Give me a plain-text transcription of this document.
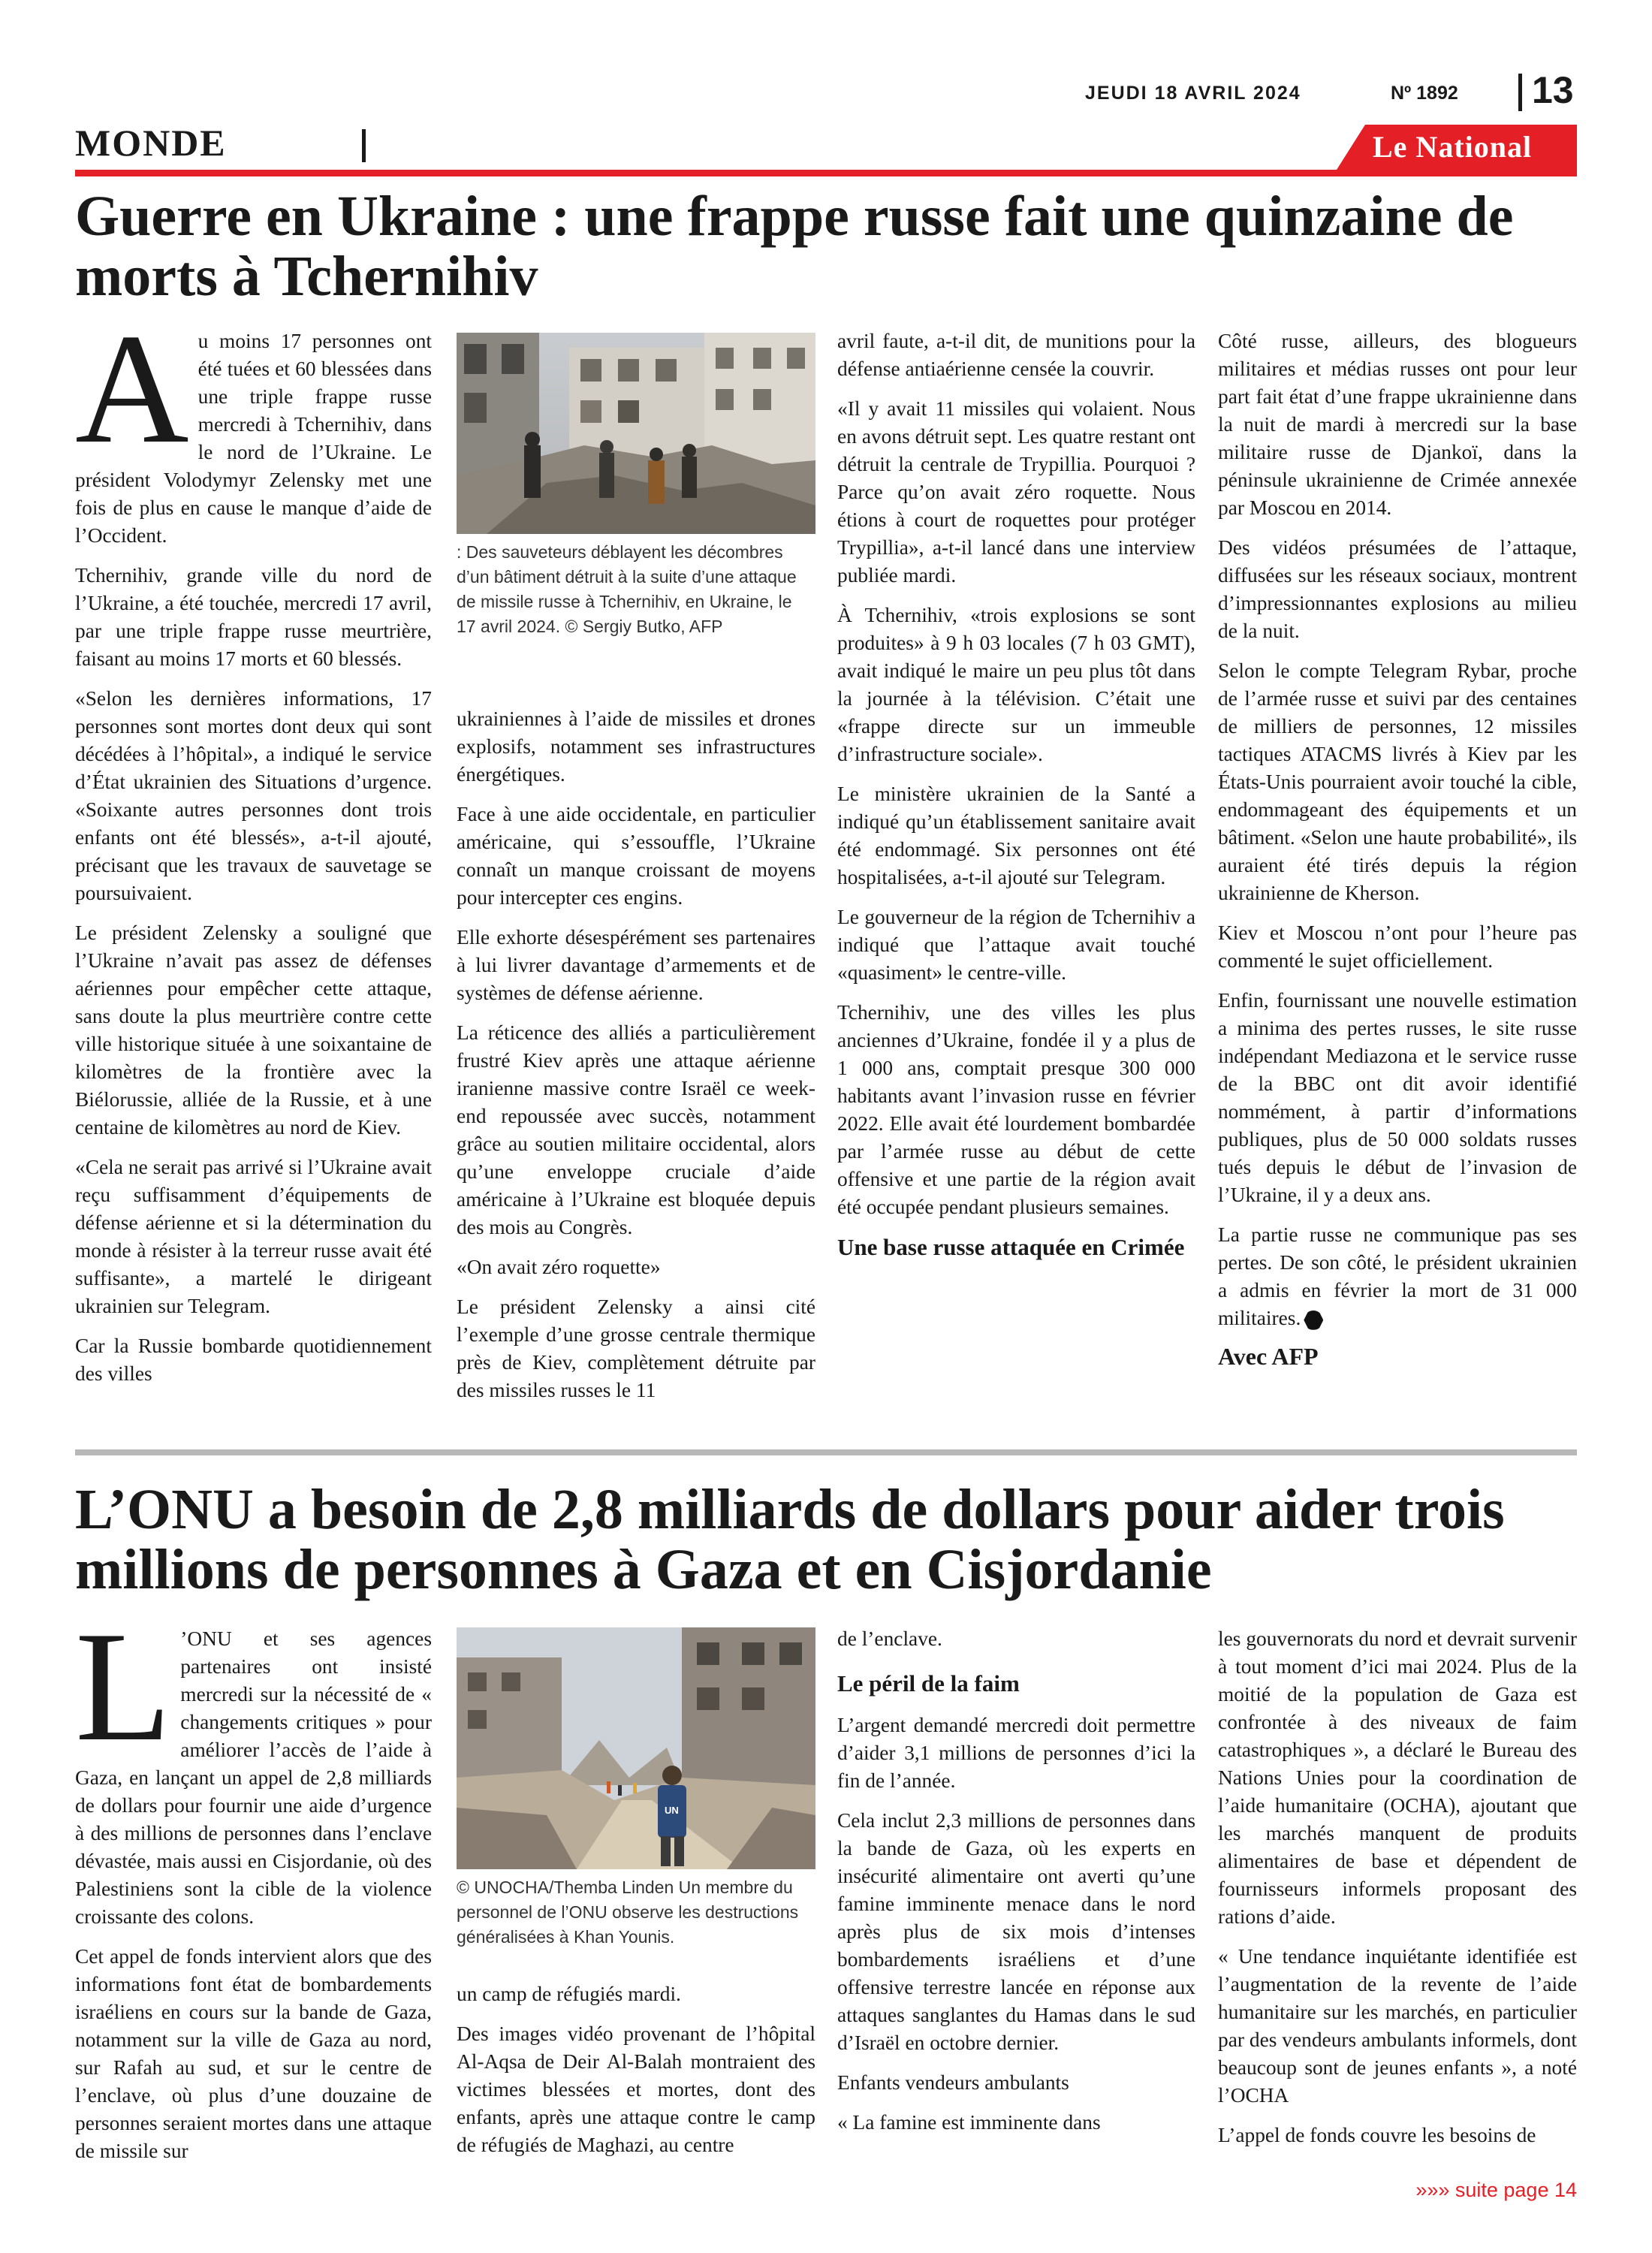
JEUDI 18 AVRIL 2024	Nº 1892 13
MONDE	Le National
Guerre en Ukraine : une frappe russe fait une quinzaine de morts à Tchernihiv
A u moins 17 personnes ont été tuées et 60 blessées dans une triple frappe russe mercredi à Tchernihiv, dans le nord de l’Ukraine. Le président Volodymyr Zelensky met une fois de plus en cause le manque d’aide de l’Occident.

Tchernihiv, grande ville du nord de l’Ukraine, a été touchée, mercredi 17 avril, par une triple frappe russe meurtrière, faisant au moins 17 morts et 60 blessés.

«Selon les dernières informations, 17 personnes sont mortes dont deux qui sont décédées à l’hôpital», a indiqué le service d’État ukrainien des Situations d’urgence. «Soixante autres personnes dont trois enfants ont été blessés», a-t-il ajouté, précisant que les travaux de sauvetage se poursuivaient.

Le président Zelensky a souligné que l’Ukraine n’avait pas assez de défenses aériennes pour empêcher cette attaque, sans doute la plus meurtrière contre cette ville historique située à une soixantaine de kilomètres de la frontière avec la Biélorussie, alliée de la Russie, et à une centaine de kilomètres au nord de Kiev.

«Cela ne serait pas arrivé si l’Ukraine avait reçu suffisamment d’équipements de défense aérienne et si la détermination du monde à résister à la terreur russe avait été suffisante», a martelé le dirigeant ukrainien sur Telegram.

Car la Russie bombarde quotidiennement des villes

: Des sauveteurs déblayent les décombres d’un bâtiment détruit à la suite d’une attaque de missile russe à Tchernihiv, en Ukraine, le 17 avril 2024. © Sergiy Butko, AFP

ukrainiennes à l’aide de missiles et drones explosifs, notamment ses infrastructures énergétiques.

Face à une aide occidentale, en particulier américaine, qui s’essouffle, l’Ukraine connaît un manque croissant de moyens pour intercepter ces engins.

Elle exhorte désespérément ses partenaires à lui livrer davantage d’armements et de systèmes de défense aérienne.

La réticence des alliés a particulièrement frustré Kiev après une attaque aérienne iranienne massive contre Israël ce week-end repoussée avec succès, notamment grâce au soutien militaire occidental, alors qu’une enveloppe cruciale d’aide américaine à l’Ukraine est bloquée depuis des mois au Congrès.

«On avait zéro roquette»

Le président Zelensky a ainsi cité l’exemple d’une grosse centrale thermique près de Kiev, complètement détruite par des missiles russes le 11

avril faute, a-t-il dit, de munitions pour la défense antiaérienne censée la couvrir.

«Il y avait 11 missiles qui volaient. Nous en avons détruit sept. Les quatre restant ont détruit la centrale de Trypillia. Pourquoi ? Parce qu’on avait zéro roquette. Nous étions à court de roquettes pour protéger Trypillia», a-t-il lancé dans une interview publiée mardi.

À Tchernihiv, «trois explosions se sont produites» à 9 h 03 locales (7 h 03 GMT), avait indiqué le maire un peu plus tôt dans la journée à la télévision. C’était une «frappe directe sur un immeuble d’infrastructure sociale».

Le ministère ukrainien de la Santé a indiqué qu’un établissement sanitaire avait été endommagé. Six personnes ont été hospitalisées, a-t-il ajouté sur Telegram.

Le gouverneur de la région de Tchernihiv a indiqué que l’attaque avait touché «quasiment» le centre-ville.

Tchernihiv, une des villes les plus anciennes d’Ukraine, fondée il y a plus de 1 000 ans, comptait presque 300 000 habitants avant l’invasion russe en février 2022. Elle avait été lourdement bombardée par l’armée russe au début de cette offensive et une partie de la région avait été occupée pendant plusieurs semaines.

Une base russe attaquée en Crimée

Côté russe, ailleurs, des blogueurs militaires et médias russes ont pour leur part fait état d’une frappe ukrainienne dans la nuit de mardi à mercredi sur la base militaire russe de Djankoï, dans la péninsule ukrainienne de Crimée annexée par Moscou en 2014.

Des vidéos présumées de l’attaque, diffusées sur les réseaux sociaux, montrent d’impressionnantes explosions au milieu de la nuit.

Selon le compte Telegram Rybar, proche de l’armée russe et suivi par des centaines de milliers de personnes, 12 missiles tactiques ATACMS livrés à Kiev par les États-Unis pourraient avoir touché la cible, endommageant des équipements et un bâtiment. «Selon une haute probabilité», ils auraient été tirés depuis la région ukrainienne de Kherson.

Kiev et Moscou n’ont pour l’heure pas commenté le sujet officiellement.

Enfin, fournissant une nouvelle estimation a minima des pertes russes, le site russe indépendant Mediazona et le service russe de la BBC ont dit avoir identifié nommément, à partir d’informations publiques, plus de 50 000 soldats russes tués depuis le début de l’invasion de l’Ukraine, il y a deux ans.

La partie russe ne communique pas ses pertes. De son côté, le président ukrainien a admis en février la mort de 31 000 militaires.

Avec AFP
L’ONU a besoin de 2,8 milliards de dollars pour aider trois millions de personnes à Gaza et en Cisjordanie
L ’ONU et ses agences partenaires ont insisté mercredi sur la nécessité de « changements critiques » pour améliorer l’accès de l’aide à Gaza, en lançant un appel de 2,8 milliards de dollars pour fournir une aide d’urgence à des millions de personnes dans l’enclave dévastée, mais aussi en Cisjordanie, où des Palestiniens sont la cible de la violence croissante des colons.

Cet appel de fonds intervient alors que des informations font état de bombardements israéliens en cours sur la bande de Gaza, notamment sur la ville de Gaza au nord, sur Rafah au sud, et sur le centre de l’enclave, où plus d’une douzaine de personnes seraient mortes dans une attaque de missile sur

UN
© UNOCHA/Themba Linden Un membre du personnel de l’ONU observe les destructions généralisées à Khan Younis.

un camp de réfugiés mardi.

Des images vidéo provenant de l’hôpital Al-Aqsa de Deir Al-Balah montraient des victimes blessées et mortes, dont des enfants, après une attaque contre le camp de réfugiés de Maghazi, au centre

de l’enclave.

Le péril de la faim

L’argent demandé mercredi doit permettre d’aider 3,1 millions de personnes d’ici la fin de l’année.

Cela inclut 2,3 millions de personnes dans la bande de Gaza, où les experts en insécurité alimentaire ont averti qu’une famine imminente menace dans le nord après plus de six mois d’intenses bombardements israéliens et d’une offensive terrestre lancée en réponse aux attaques sanglantes du Hamas dans le sud d’Israël en octobre dernier.

Enfants vendeurs ambulants

« La famine est imminente dans

les gouvernorats du nord et devrait survenir à tout moment d’ici mai 2024. Plus de la moitié de la population de Gaza est confrontée à des niveaux de faim catastrophiques », a déclaré le Bureau des Nations Unies pour la coordination de l’aide humanitaire (OCHA), ajoutant que les marchés manquent de produits alimentaires de base et dépendent de fournisseurs informels proposant des rations d’aide.

« Une tendance inquiétante identifiée est l’augmentation de la revente de l’aide humanitaire sur les marchés, en particulier par des vendeurs ambulants informels, dont beaucoup sont de jeunes enfants », a noté l’OCHA

L’appel de fonds couvre les besoins de

»»» suite page 14
